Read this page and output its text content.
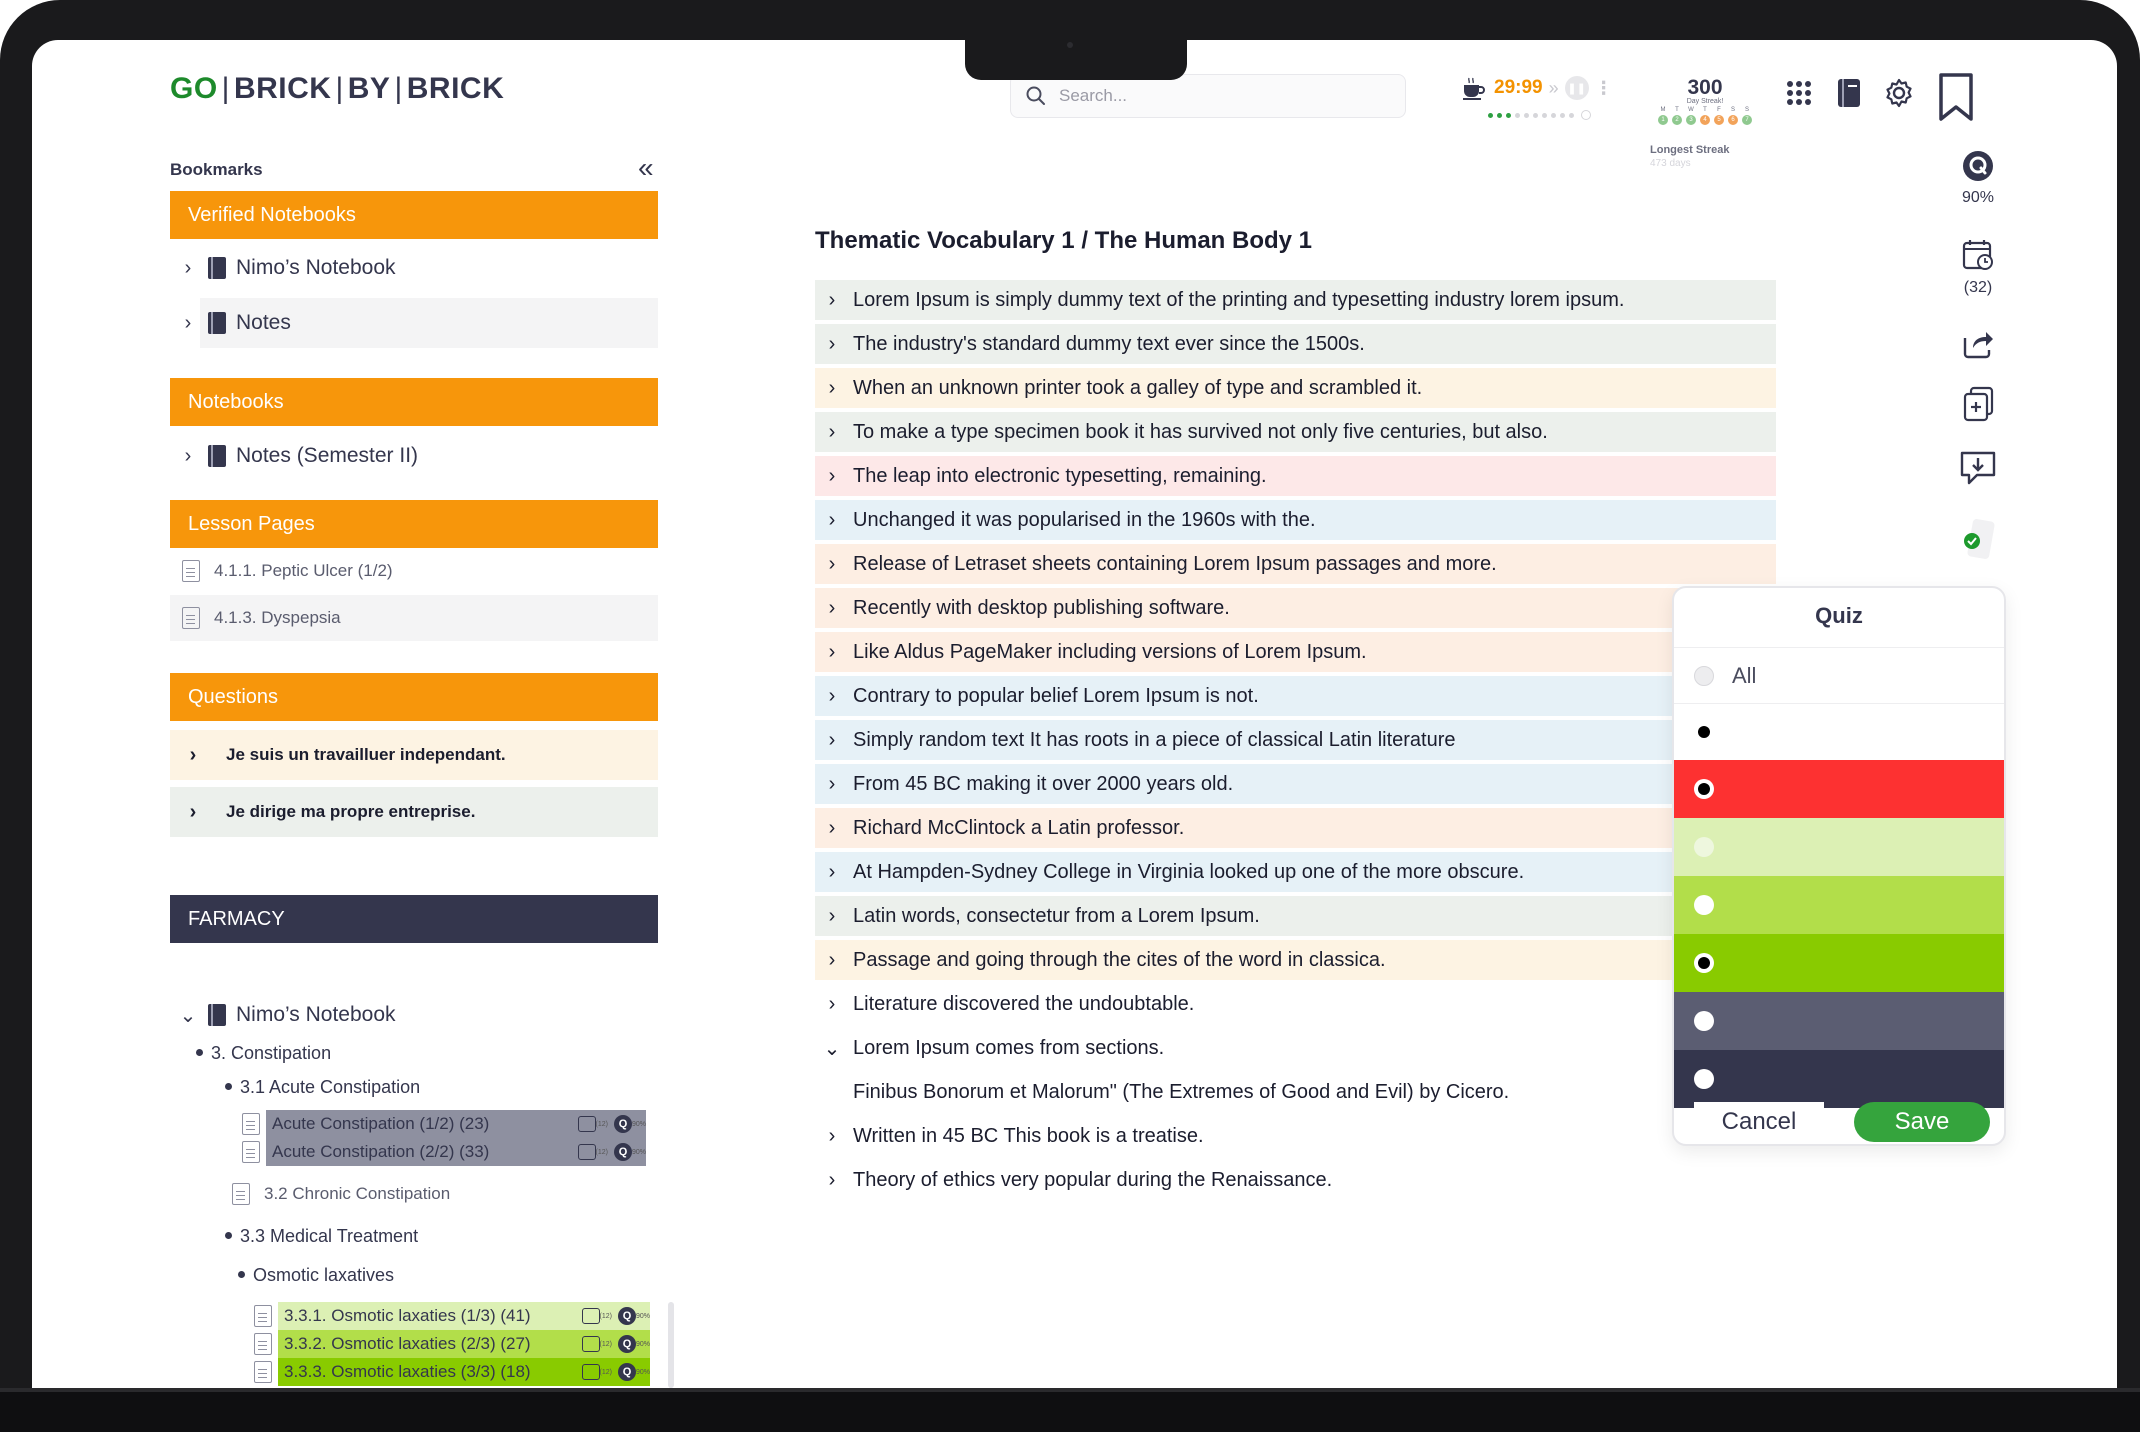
GO | BRICK | BY | BRICK
Search...	29:99 » ❚❚ ⋮	300
Day Streak!
M	T	W	T	F	S	S
1	2	3	4	5	6	7
Longest Streak
473 days
Bookmarks	«
Verified Notebooks
›	Nimo’s Notebook
›	Notes
Notebooks
›	Notes (Semester II)
Lesson Pages
4.1.1. Peptic Ulcer (1/2)
4.1.3. Dyspepsia
Questions
›	Je suis un travailluer independant.
›	Je dirige ma propre entreprise.
FARMACY
⌄ Nimo’s Notebook
3. Constipation
3.1 Acute Constipation
Acute Constipation (1/2) (23)	(12) Q 90%
Acute Constipation (2/2) (33)	(12) Q 90%
3.2 Chronic Constipation
3.3 Medical Treatment
Osmotic laxatives
3.3.1. Osmotic laxaties (1/3) (41)	(12) Q 90%
3.3.2. Osmotic laxaties (2/3) (27)	(12) Q 90%
3.3.3. Osmotic laxaties (3/3) (18)	(12) Q 90%
Thematic Vocabulary 1 / The Human Body 1
› Lorem Ipsum is simply dummy text of the printing and typesetting industry lorem ipsum.
› The industry's standard dummy text ever since the 1500s.
› When an unknown printer took a galley of type and scrambled it.
› To make a type specimen book it has survived not only five centuries, but also.
› The leap into electronic typesetting, remaining.
› Unchanged it was popularised in the 1960s with the.
› Release of Letraset sheets containing Lorem Ipsum passages and more.
› Recently with desktop publishing software.
› Like Aldus PageMaker including versions of Lorem Ipsum.
› Contrary to popular belief Lorem Ipsum is not.
› Simply random text It has roots in a piece of classical Latin literature
› From 45 BC making it over 2000 years old.
› Richard McClintock a Latin professor.
› At Hampden-Sydney College in Virginia looked up one of the more obscure.
› Latin words, consectetur from a Lorem Ipsum.
› Passage and going through the cites of the word in classica.
› Literature discovered the undoubtable.
⌄ Lorem Ipsum comes from sections.
Finibus Bonorum et Malorum" (The Extremes of Good and Evil) by Cicero.
› Written in 45 BC This book is a treatise.
› Theory of ethics very popular during the Renaissance.
90%
(32)
Quiz
All
Cancel	Save
